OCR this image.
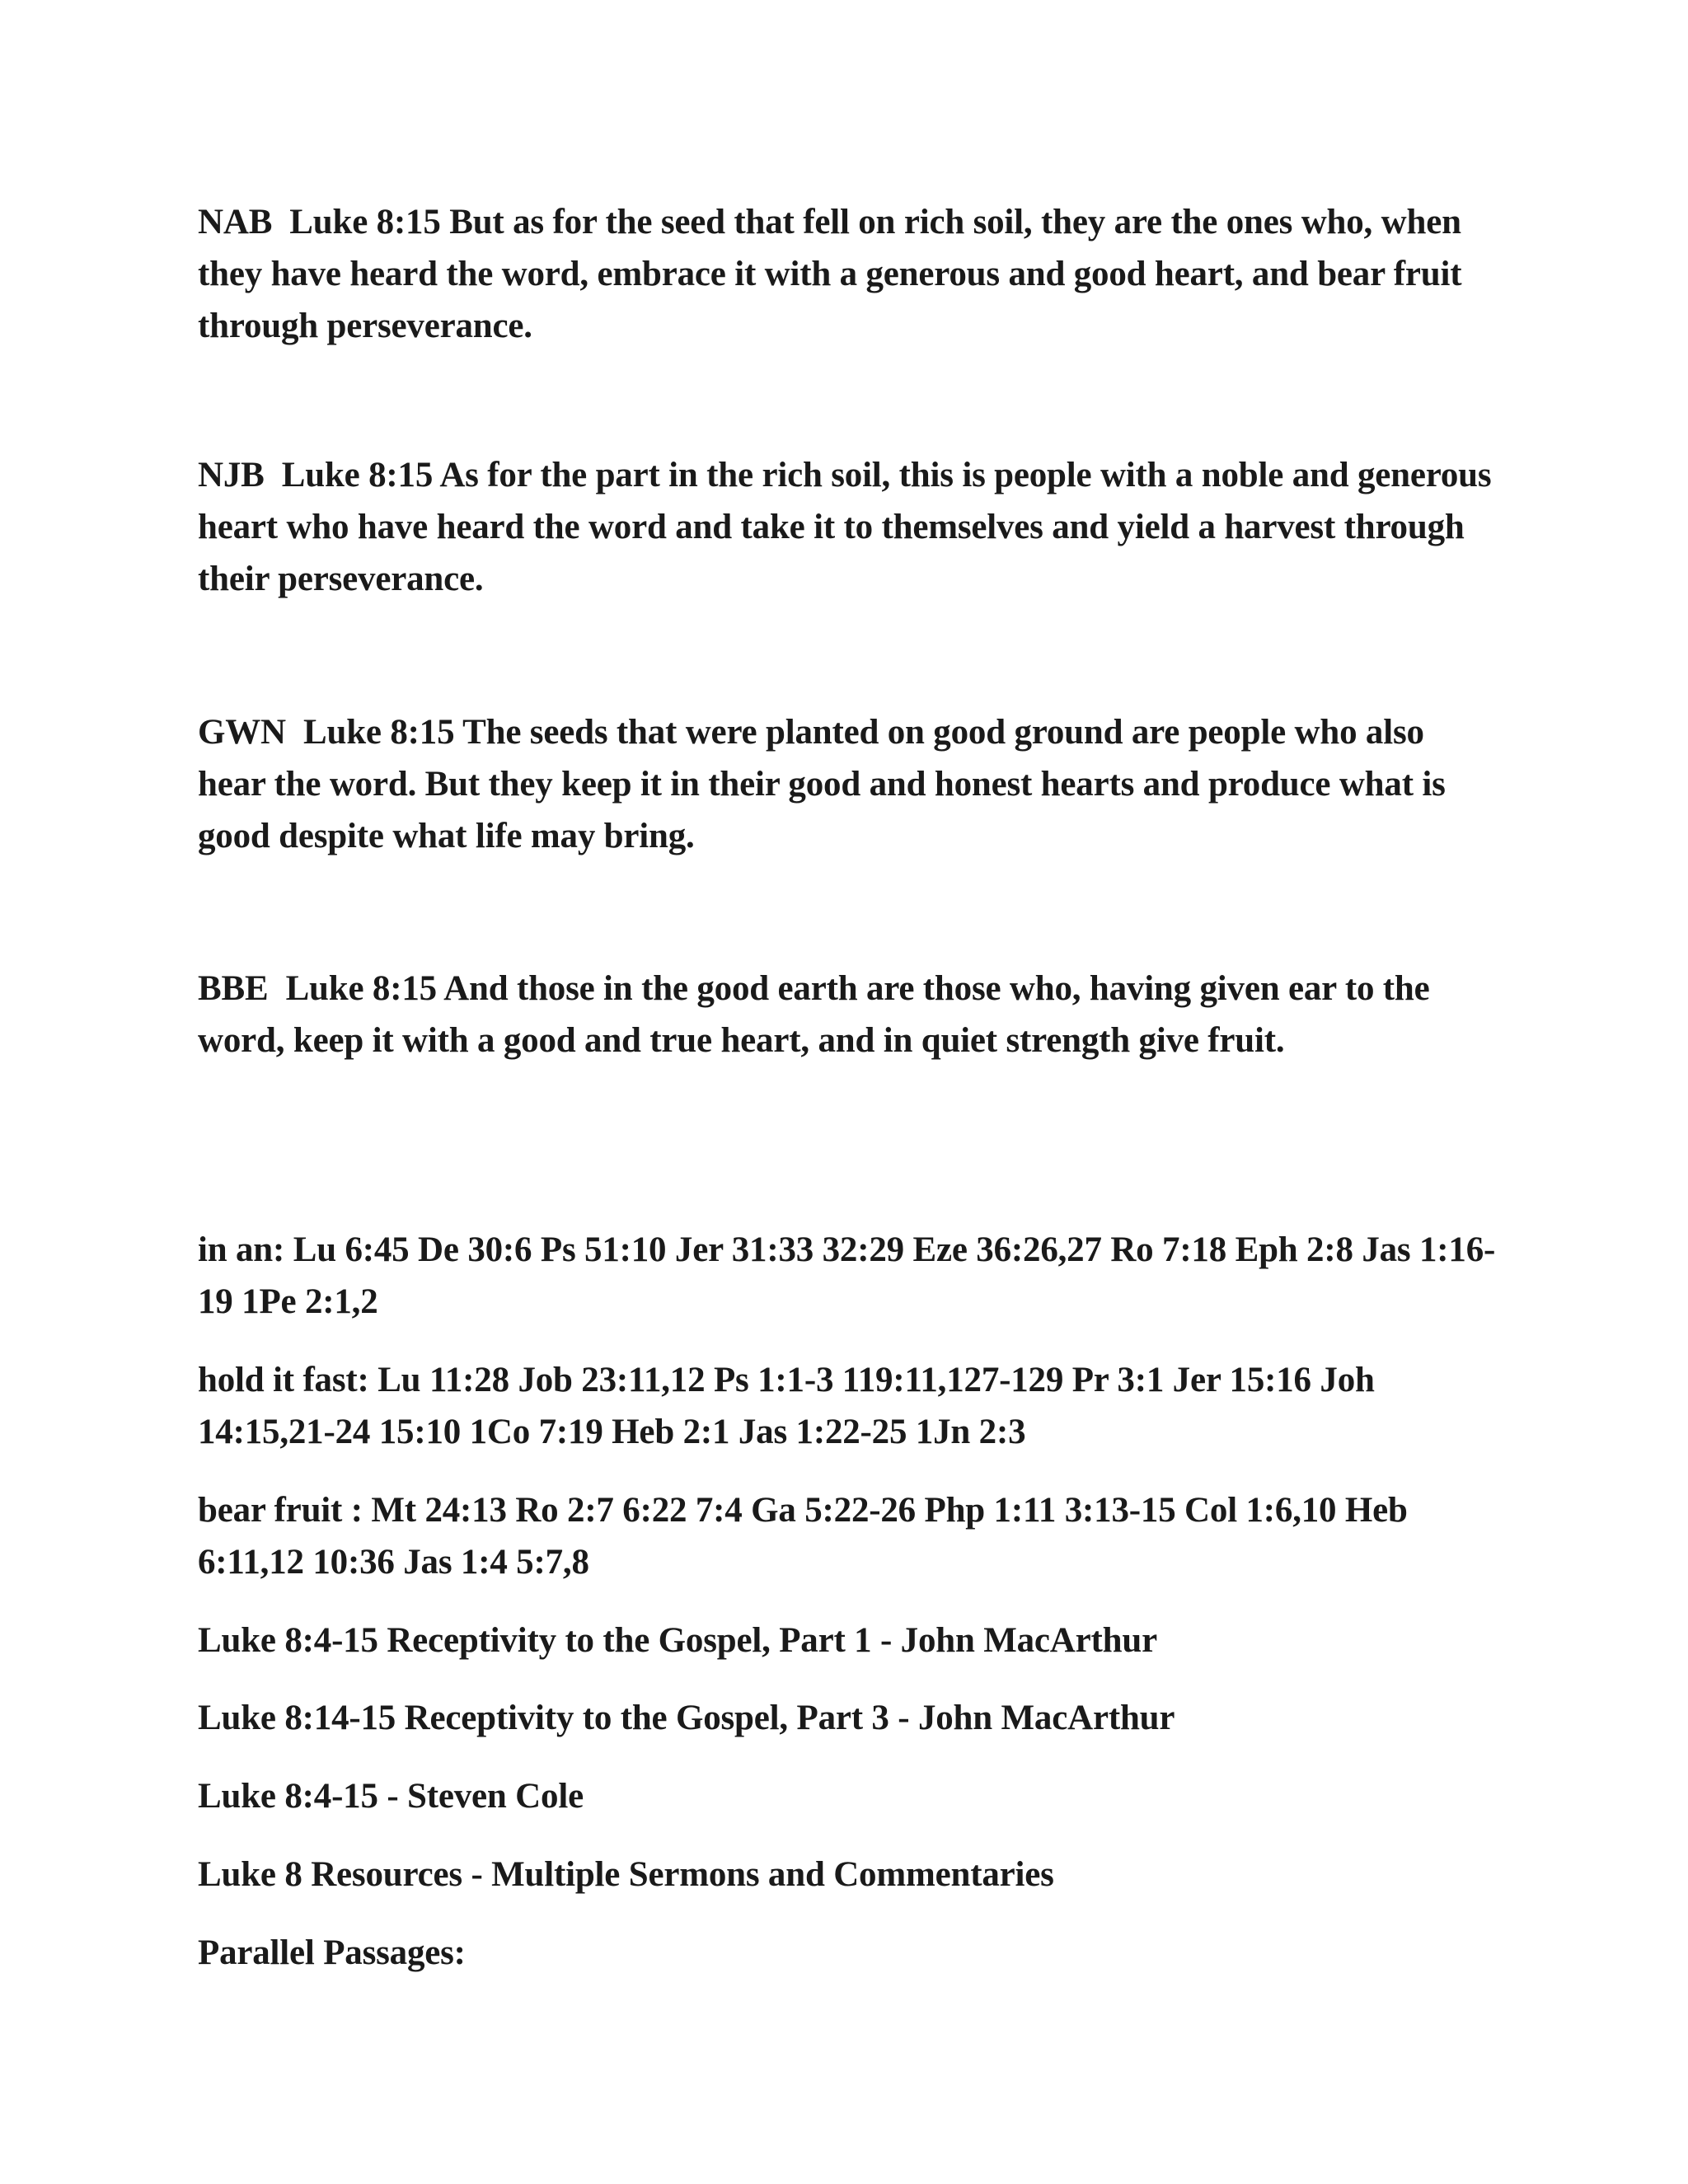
NAB Luke 8:15 But as for the seed that fell on rich soil, they are the ones who, when they have heard the word, embrace it with a generous and good heart, and bear fruit through perseverance.

NJB Luke 8:15 As for the part in the rich soil, this is people with a noble and generous heart who have heard the word and take it to themselves and yield a harvest through their perseverance.

GWN Luke 8:15 The seeds that were planted on good ground are people who also hear the word. But they keep it in their good and honest hearts and produce what is good despite what life may bring.

BBE Luke 8:15 And those in the good earth are those who, having given ear to the word, keep it with a good and true heart, and in quiet strength give fruit.

in an: Lu 6:45 De 30:6 Ps 51:10 Jer 31:33 32:29 Eze 36:26,27 Ro 7:18 Eph 2:8 Jas 1:16-19 1Pe 2:1,2

hold it fast: Lu 11:28 Job 23:11,12 Ps 1:1-3 119:11,127-129 Pr 3:1 Jer 15:16 Joh 14:15,21-24 15:10 1Co 7:19 Heb 2:1 Jas 1:22-25 1Jn 2:3

bear fruit : Mt 24:13 Ro 2:7 6:22 7:4 Ga 5:22-26 Php 1:11 3:13-15 Col 1:6,10 Heb 6:11,12 10:36 Jas 1:4 5:7,8

Luke 8:4-15 Receptivity to the Gospel, Part 1 - John MacArthur

Luke 8:14-15 Receptivity to the Gospel, Part 3 - John MacArthur

Luke 8:4-15 - Steven Cole

Luke 8 Resources - Multiple Sermons and Commentaries

Parallel Passages:
